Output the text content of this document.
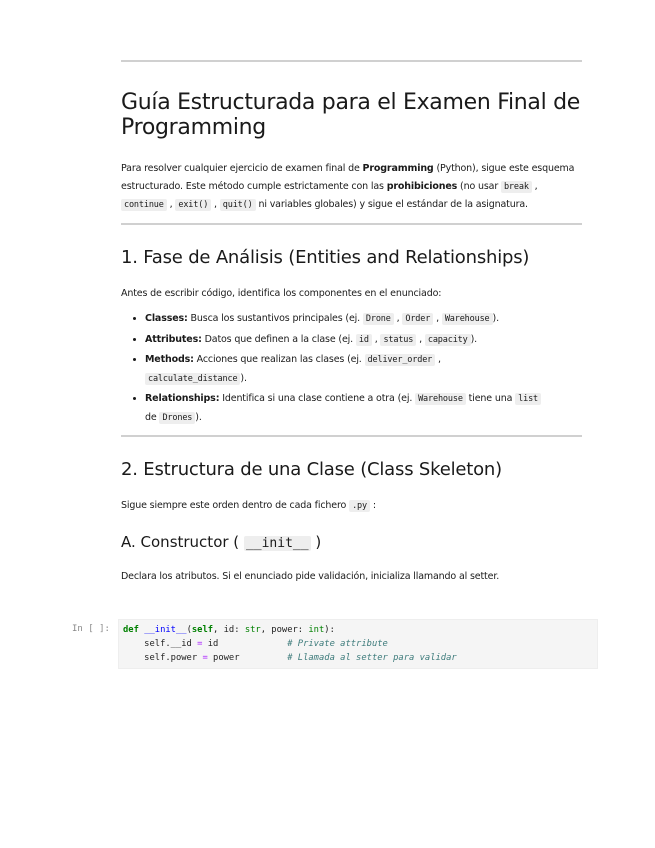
Guía Estructurada para el Examen Final de Programming

Para resolver cualquier ejercicio de examen final de Programming (Python), sigue este esquema estructurado. Este método cumple estrictamente con las prohibiciones (no usar break , continue , exit() , quit() ni variables globales) y sigue el estándar de la asignatura.

1. Fase de Análisis (Entities and Relationships)

Antes de escribir código, identifica los componentes en el enunciado:

• Classes: Busca los sustantivos principales (ej. Drone , Order , Warehouse ).
• Attributes: Datos que definen a la clase (ej. id , status , capacity ).
• Methods: Acciones que realizan las clases (ej. deliver_order ,
calculate_distance ).
• Relationships: Identifica si una clase contiene a otra (ej. Warehouse tiene una list
de Drones ).
2. Estructura de una Clase (Class Skeleton)

Sigue siempre este orden dentro de cada fichero .py :

A. Constructor ( __init__ )

Declara los atributos. Si el enunciado pide validación, inicializa llamando al setter.

In [ ]:	def __init__(self, id: str, power: int):
self.__id = id	# Private attribute
self.power = power	# Llamada al setter para validar
